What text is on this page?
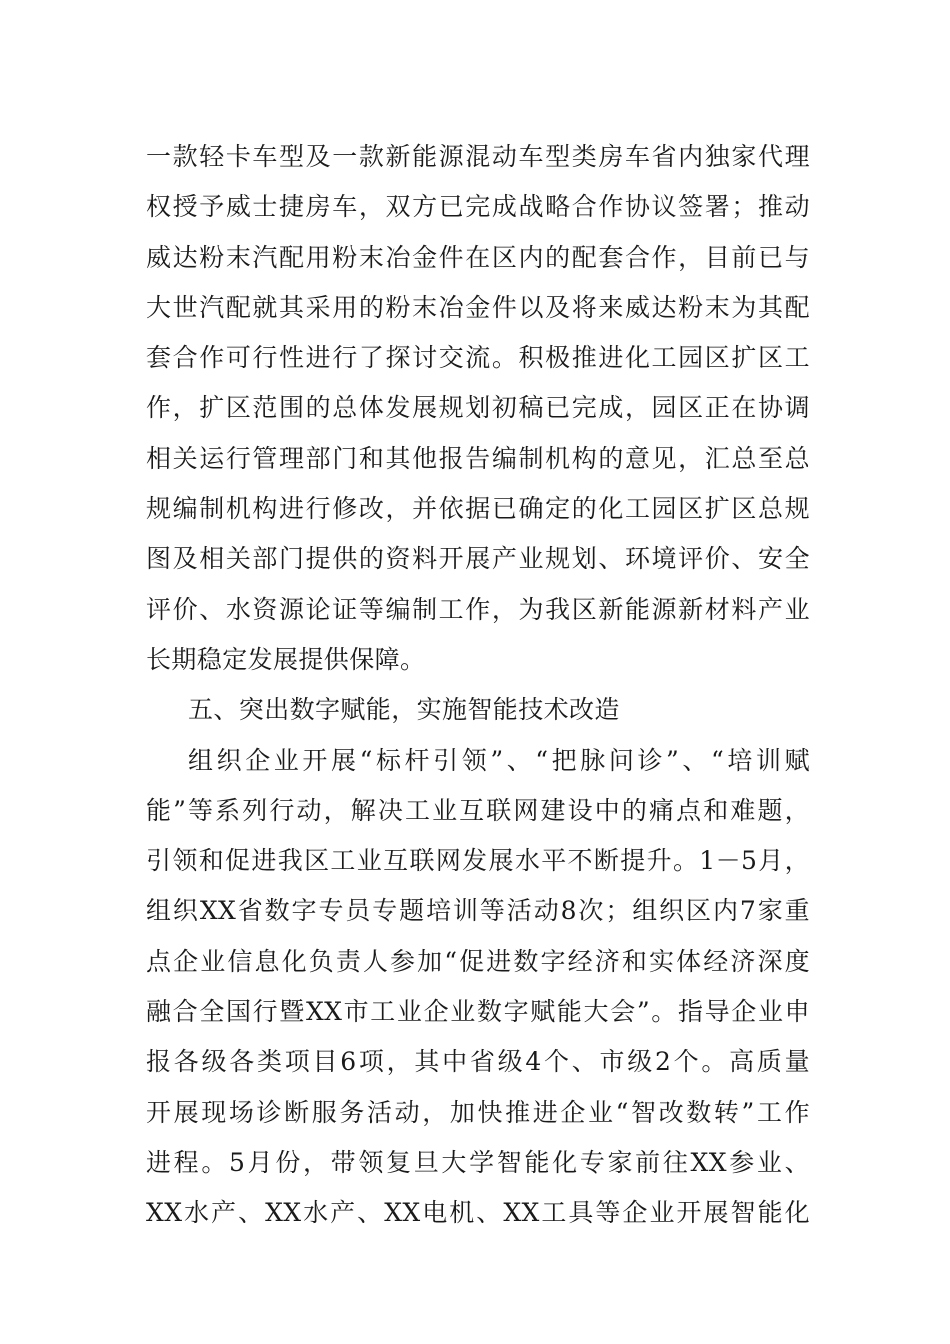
一款轻卡车型及一款新能源混动车型类房车省内独家代理
权授予威士捷房车，双方已完成战略合作协议签署；推动
威达粉末汽配用粉末冶金件在区内的配套合作，目前已与
大世汽配就其采用的粉末冶金件以及将来威达粉末为其配
套合作可行性进行了探讨交流。积极推进化工园区扩区工
作，扩区范围的总体发展规划初稿已完成，园区正在协调
相关运行管理部门和其他报告编制机构的意见，汇总至总
规编制机构进行修改，并依据已确定的化工园区扩区总规
图及相关部门提供的资料开展产业规划、环境评价、安全
评价、水资源论证等编制工作，为我区新能源新材料产业
长期稳定发展提供保障。
五、突出数字赋能，实施智能技术改造
组织企业开展“标杆引领”、“把脉问诊”、“培训赋
能”等系列行动，解决工业互联网建设中的痛点和难题，
引领和促进我区工业互联网发展水平不断提升。1－5月，
组织XX省数字专员专题培训等活动8次；组织区内7家重
点企业信息化负责人参加“促进数字经济和实体经济深度
融合全国行暨XX市工业企业数字赋能大会”。指导企业申
报各级各类项目6项，其中省级4个、市级2个。高质量
开展现场诊断服务活动，加快推进企业“智改数转”工作
进程。5月份，带领复旦大学智能化专家前往XX参业、
XX水产、XX水产、XX电机、XX工具等企业开展智能化
